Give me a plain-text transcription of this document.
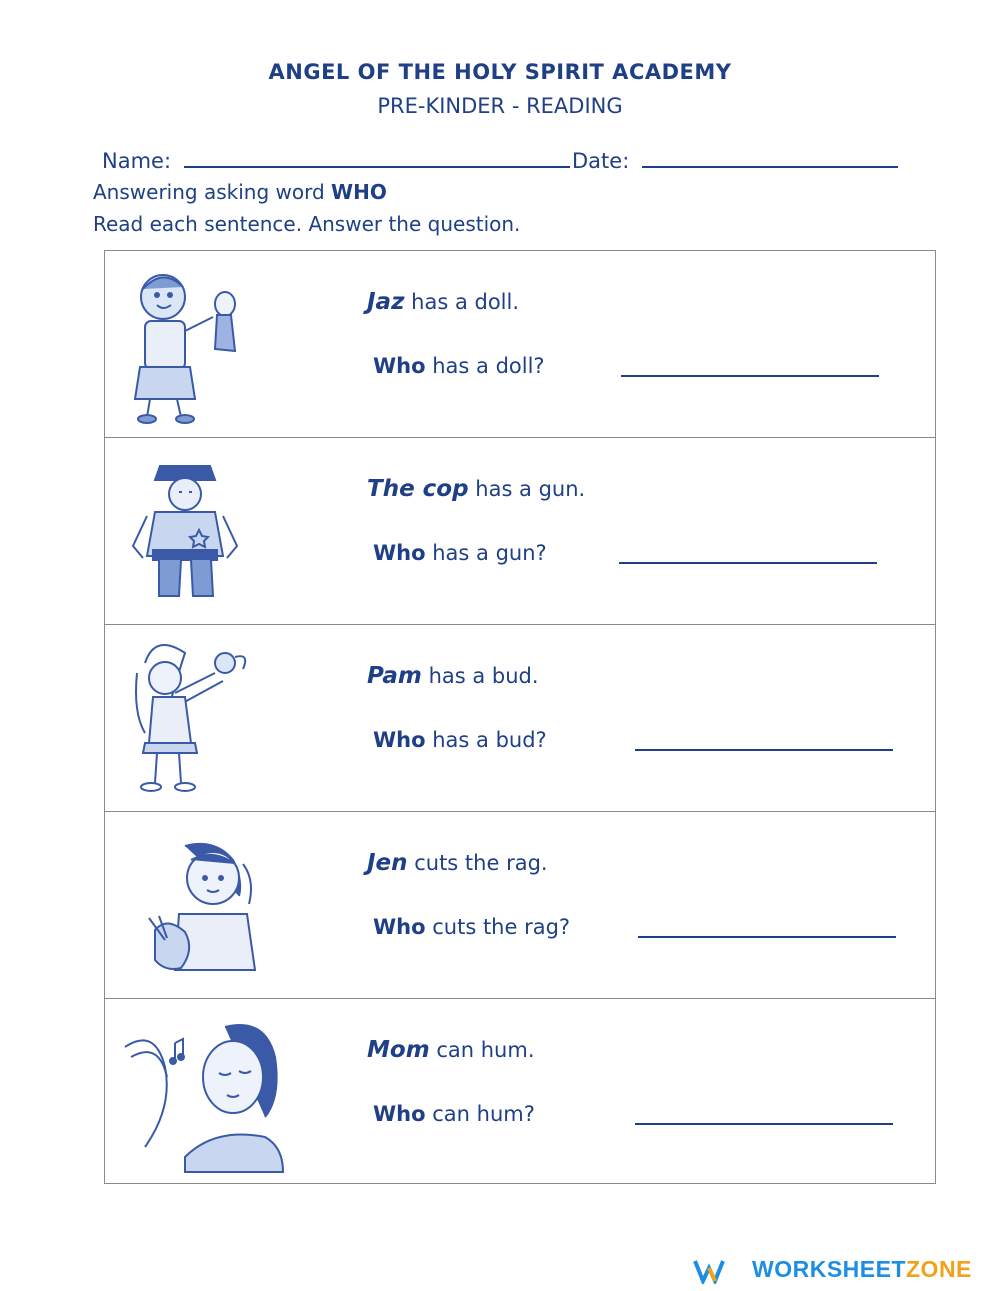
ANGEL OF THE HOLY SPIRIT ACADEMY
PRE-KINDER - READING
Name:	Date:
Answering asking word WHO
Read each sentence. Answer the question.
Jaz has a doll.
Who has a doll?
The cop has a gun.
Who has a gun?
Pam has a bud.
Who has a bud?
Jen cuts the rag.
Who cuts the rag?
Mom can hum.
Who can hum?
WORKSHEETZONE
